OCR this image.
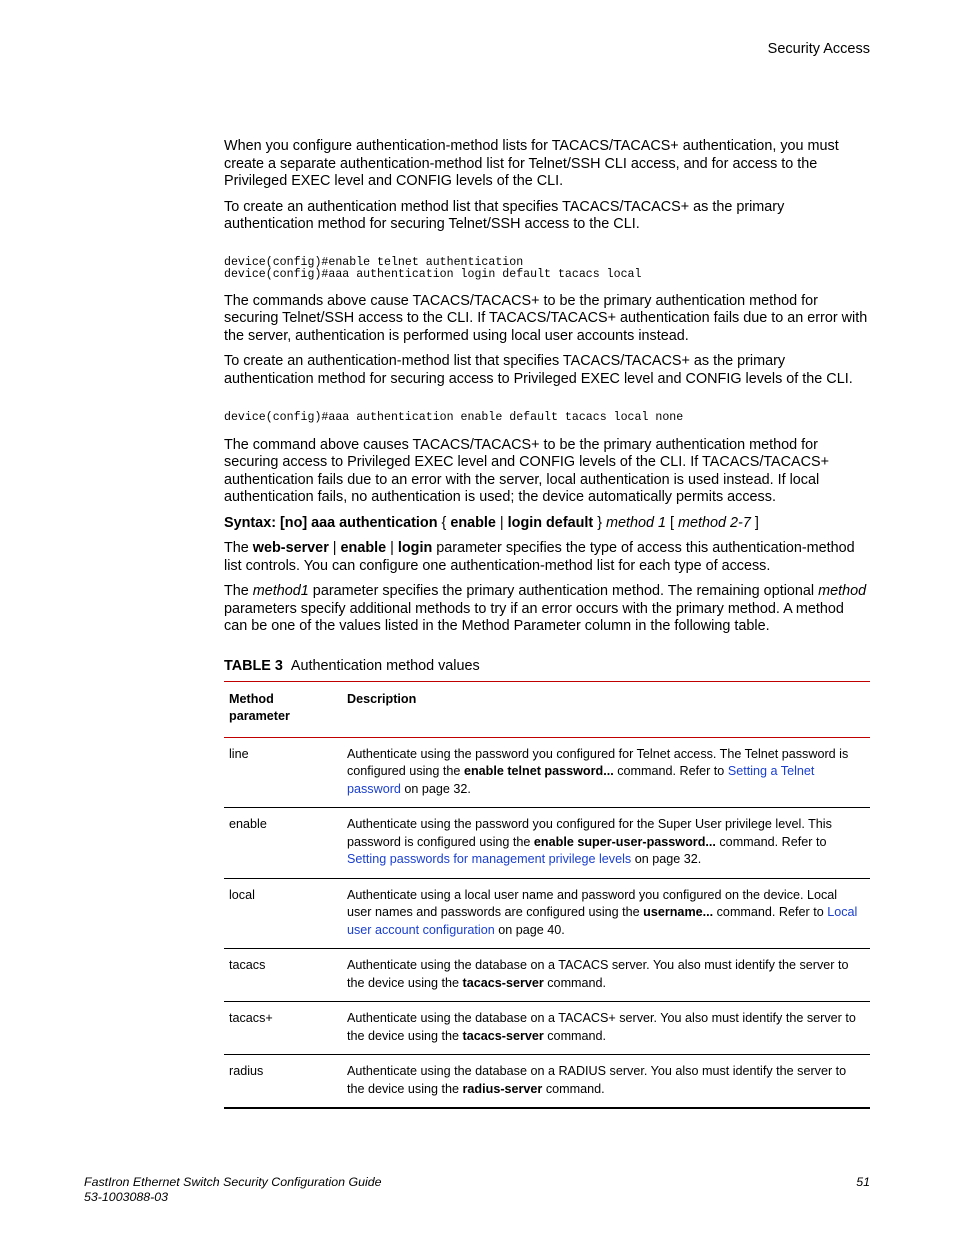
Security Access

When you configure authentication-method lists for TACACS/TACACS+ authentication, you must create a separate authentication-method list for Telnet/SSH CLI access, and for access to the Privileged EXEC level and CONFIG levels of the CLI.

To create an authentication method list that specifies TACACS/TACACS+ as the primary authentication method for securing Telnet/SSH access to the CLI.

device(config)#enable telnet authentication
device(config)#aaa authentication login default tacacs local

The commands above cause TACACS/TACACS+ to be the primary authentication method for securing Telnet/SSH access to the CLI. If TACACS/TACACS+ authentication fails due to an error with the server, authentication is performed using local user accounts instead.

To create an authentication-method list that specifies TACACS/TACACS+ as the primary authentication method for securing access to Privileged EXEC level and CONFIG levels of the CLI.

device(config)#aaa authentication enable default tacacs local none

The command above causes TACACS/TACACS+ to be the primary authentication method for securing access to Privileged EXEC level and CONFIG levels of the CLI. If TACACS/TACACS+ authentication fails due to an error with the server, local authentication is used instead. If local authentication fails, no authentication is used; the device automatically permits access.

Syntax: [no] aaa authentication { enable | login default } method 1 [ method 2-7 ]

The web-server | enable | login parameter specifies the type of access this authentication-method list controls. You can configure one authentication-method list for each type of access.

The method1 parameter specifies the primary authentication method. The remaining optional method parameters specify additional methods to try if an error occurs with the primary method. A method can be one of the values listed in the Method Parameter column in the following table.

TABLE 3 Authentication method values
Method parameter	Description
line	Authenticate using the password you configured for Telnet access. The Telnet password is configured using the enable telnet password... command. Refer to Setting a Telnet password on page 32.
enable	Authenticate using the password you configured for the Super User privilege level. This password is configured using the enable super-user-password... command. Refer to Setting passwords for management privilege levels on page 32.
local	Authenticate using a local user name and password you configured on the device. Local user names and passwords are configured using the username... command. Refer to Local user account configuration on page 40.
tacacs	Authenticate using the database on a TACACS server. You also must identify the server to the device using the tacacs-server command.
tacacs+	Authenticate using the database on a TACACS+ server. You also must identify the server to the device using the tacacs-server command.
radius	Authenticate using the database on a RADIUS server. You also must identify the server to the device using the radius-server command.
FastIron Ethernet Switch Security Configuration Guide
53-1003088-03
51
